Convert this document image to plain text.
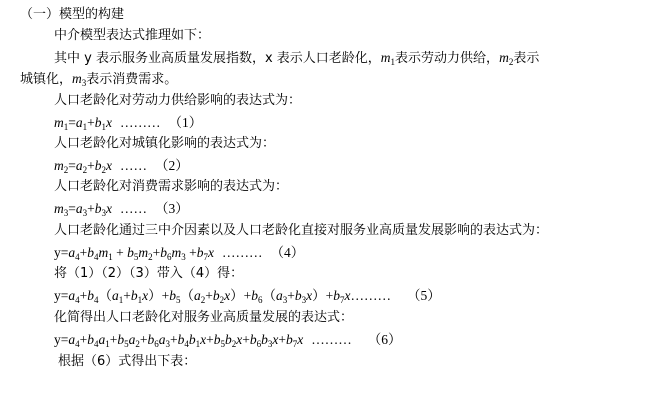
（一）模型的构建
中介模型表达式推理如下：
其中 y 表示服务业高质量发展指数，x 表示人口老龄化，$m_1$表示劳动力供给，$m_2$表示
城镇化，$m_3$表示消费需求。
人口老龄化对劳动力供给影响的表达式为：
$m_1=a_1+b_1x$ ……… （1）
人口老龄化对城镇化影响的表达式为：
$m_2=a_2+b_2x$ …… （2）
人口老龄化对消费需求影响的表达式为：
$m_3=a_3+b_3x$ …… （3）
人口老龄化通过三中介因素以及人口老龄化直接对服务业高质量发展影响的表达式为：
$y=a_4+b_4m_1 + b_5m_2+b_6m_3 +b_7x$ ……… （4）
将（1）（2）（3）带入（4）得：
$y=a_4+b_4(a_1+b_1x)+b_5(a_2+b_2x)+b_6(a_3+b_3x)+b_7x\dots\dots\dots$ （5）
化简得出人口老龄化对服务业高质量发展的表达式：
$y=a_4+b_4a_1+b_5a_2+b_6a_3+b_4b_1x+b_5b_2x+b_6b_3x+b_7x$ ……… （6）
根据（6）式得出下表：
